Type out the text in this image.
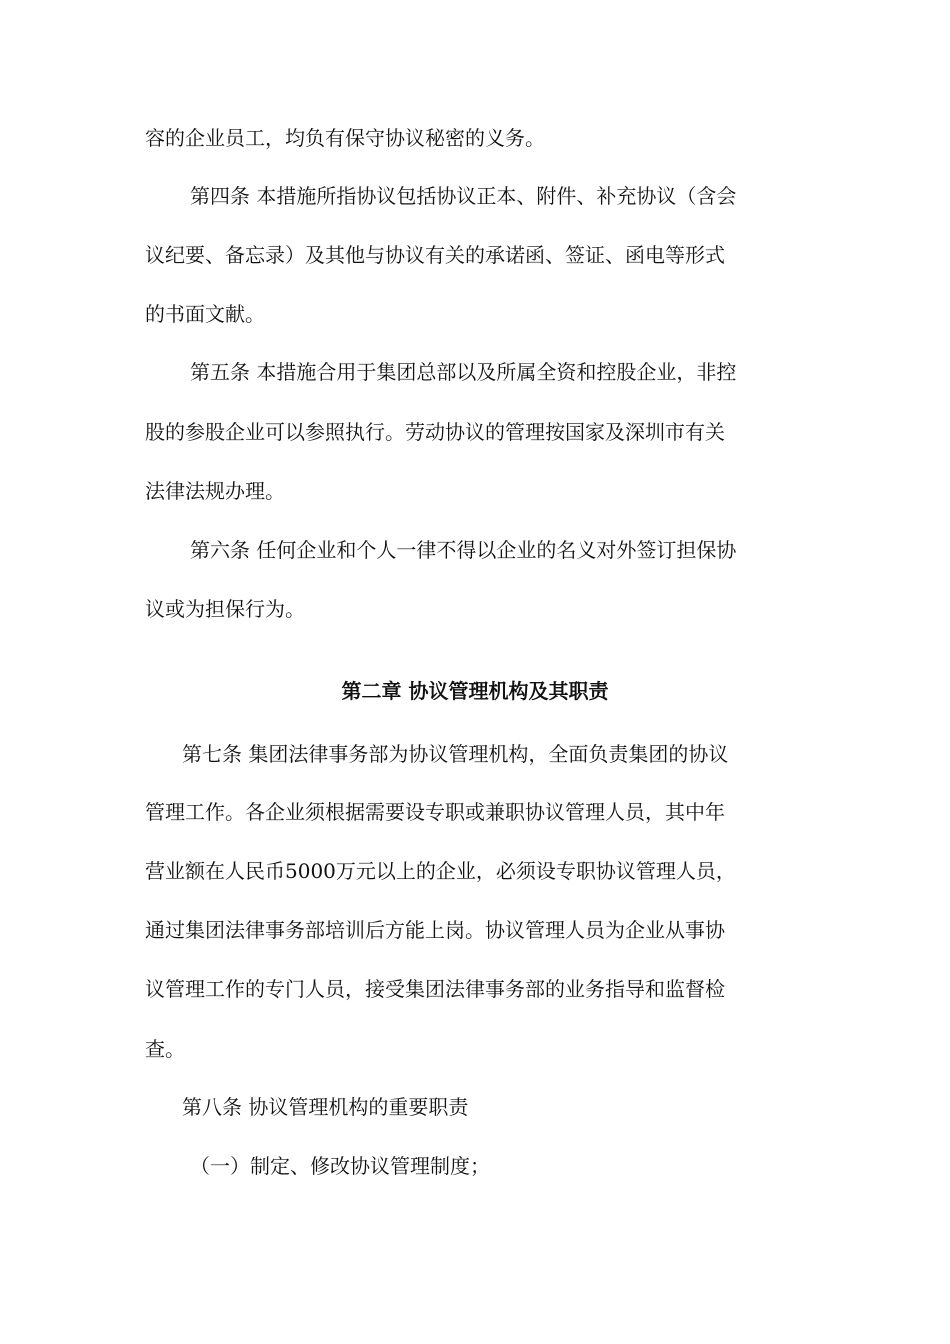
容的企业员工，均负有保守协议秘密的义务。

第四条 本措施所指协议包括协议正本、附件、补充协议（含会

议纪要、备忘录）及其他与协议有关的承诺函、签证、函电等形式

的书面文献。

第五条 本措施合用于集团总部以及所属全资和控股企业，非控

股的参股企业可以参照执行。劳动协议的管理按国家及深圳市有关

法律法规办理。

第六条 任何企业和个人一律不得以企业的名义对外签订担保协

议或为担保行为。

第二章 协议管理机构及其职责

第七条 集团法律事务部为协议管理机构，全面负责集团的协议

管理工作。各企业须根据需要设专职或兼职协议管理人员，其中年

营业额在人民币5000万元以上的企业，必须设专职协议管理人员，

通过集团法律事务部培训后方能上岗。协议管理人员为企业从事协

议管理工作的专门人员，接受集团法律事务部的业务指导和监督检

查。

第八条 协议管理机构的重要职责

（一）制定、修改协议管理制度；
